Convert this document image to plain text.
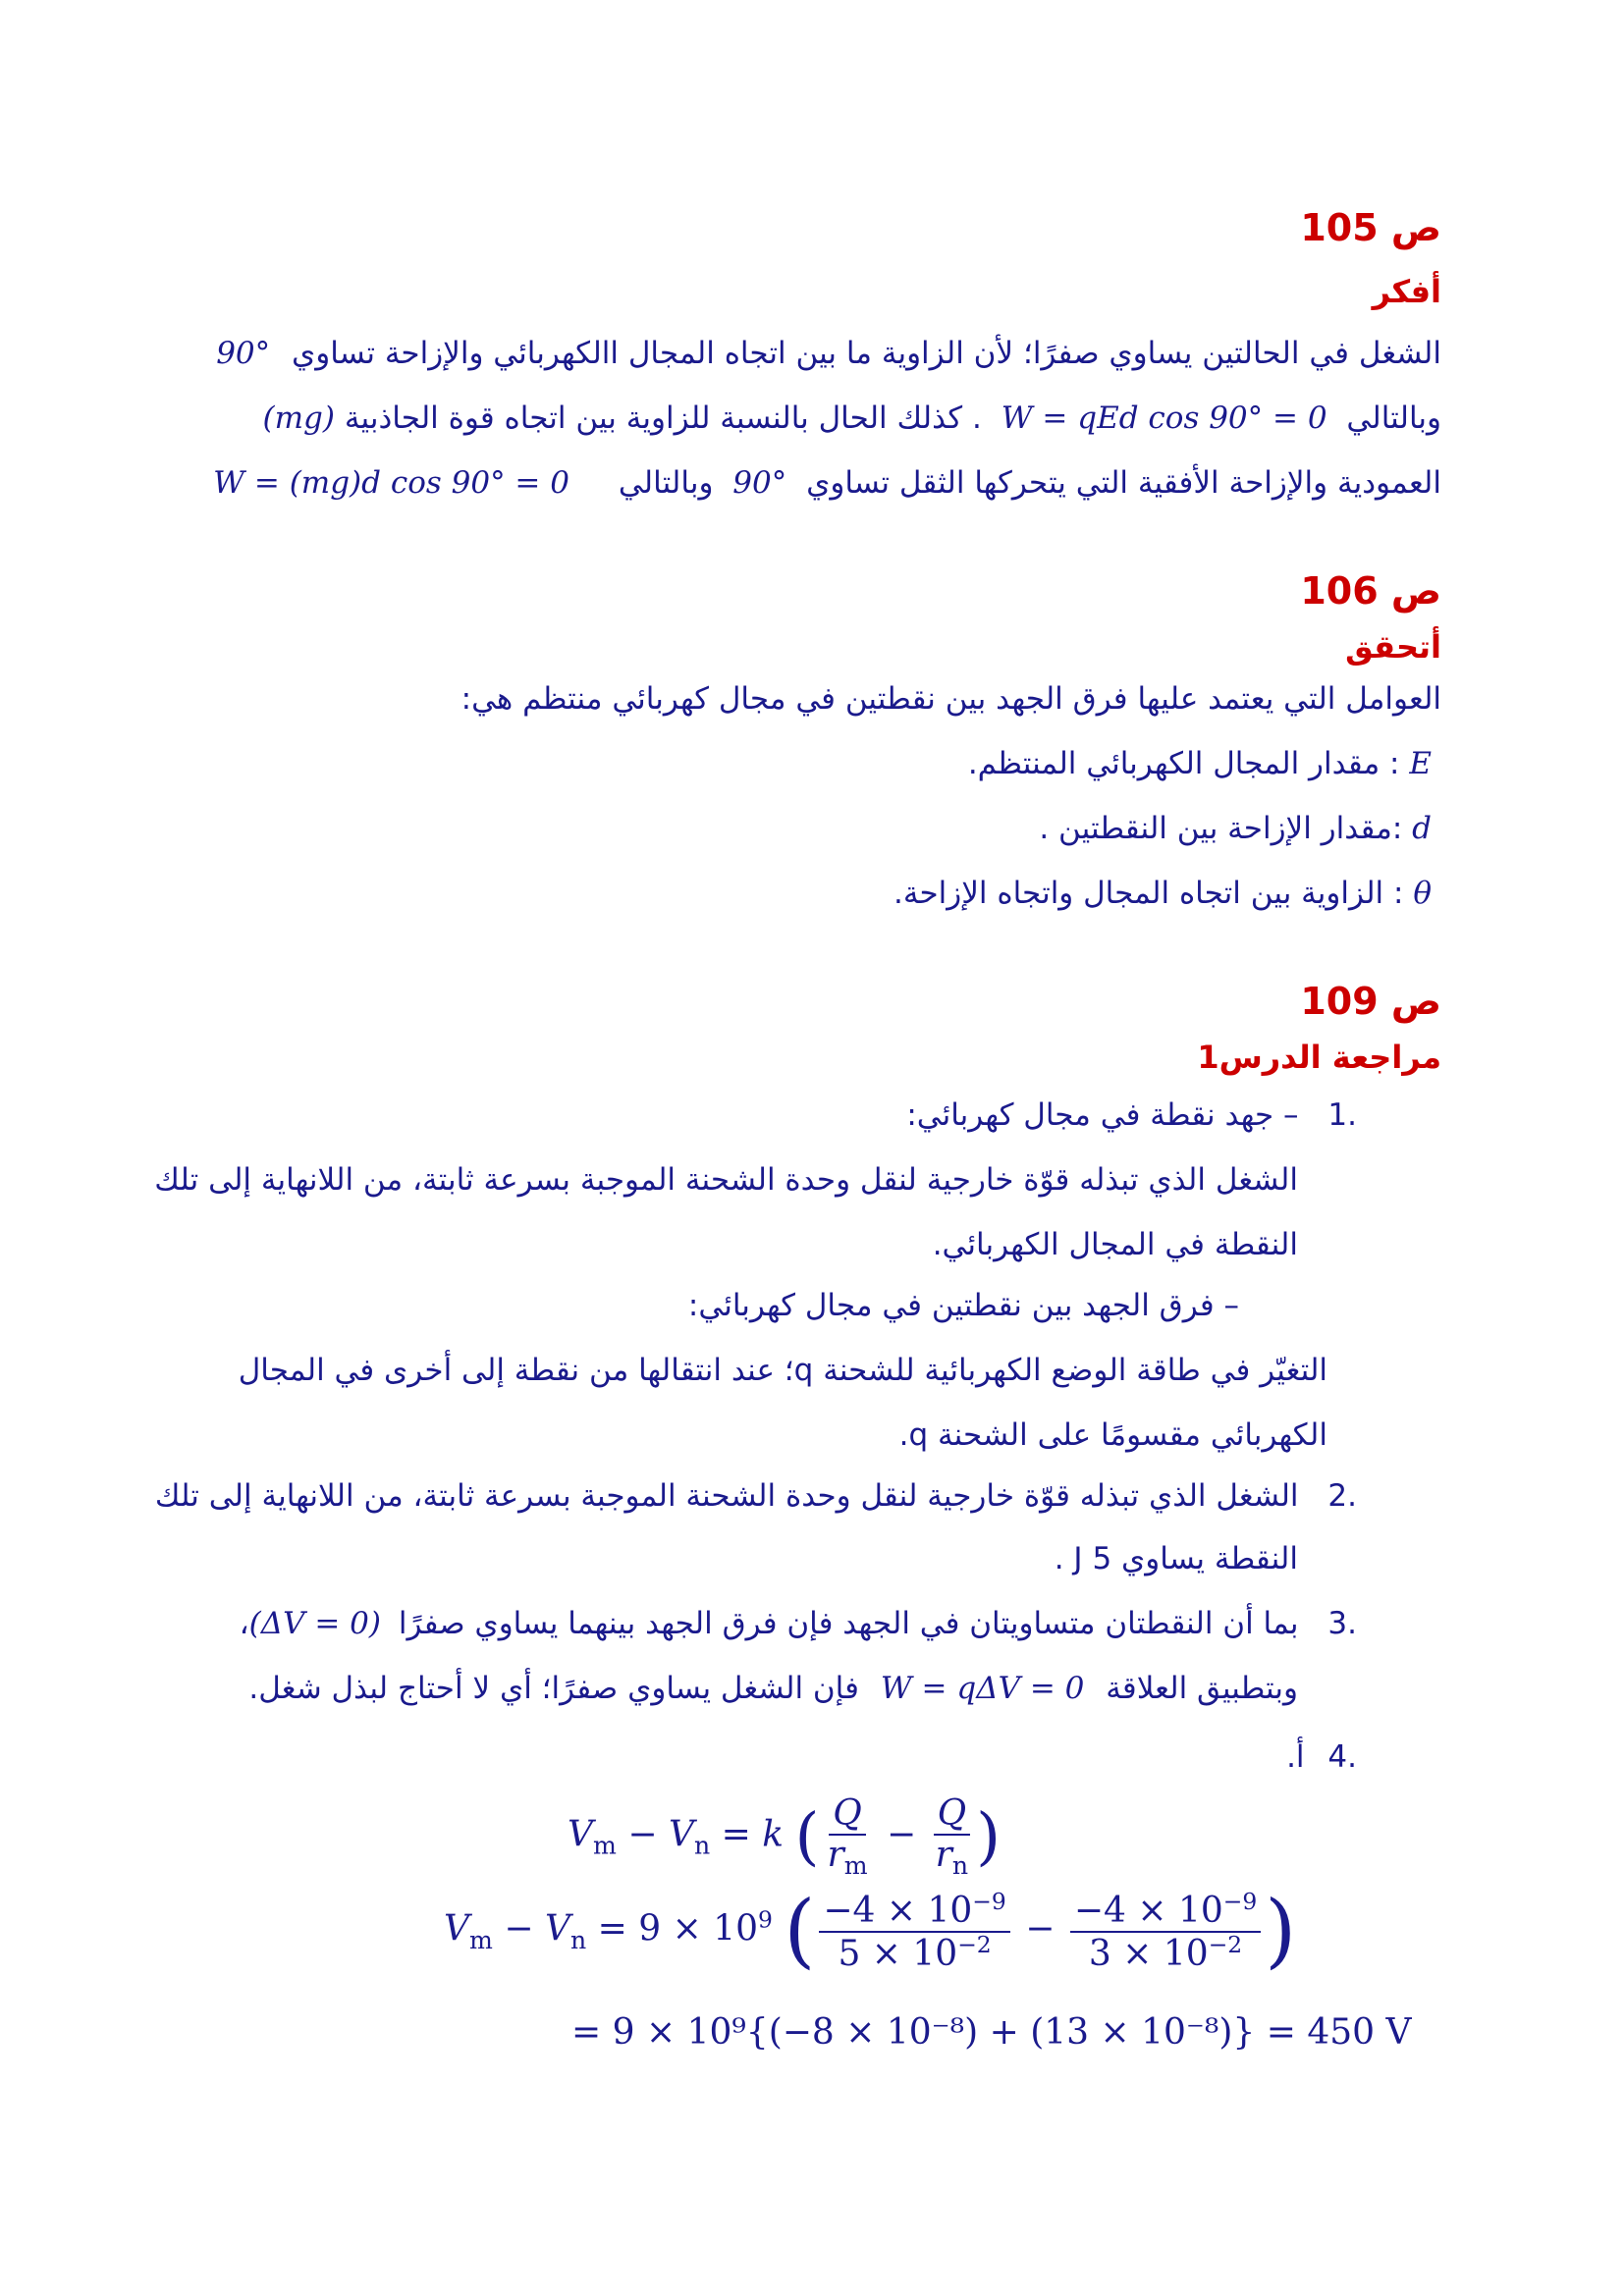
ص 105
أفكر
الشغل في الحالتين يساوي صفرًا؛ لأن الزاوية ما بين اتجاه المجال االكهربائي والإزاحة تساوي 90°
وبالتالي W = qEd cos 90° = 0 . كذلك الحال بالنسبة للزاوية بين اتجاه قوة الجاذبية (mg)
العمودية والإزاحة الأفقية التي يتحركها الثقل تساوي 90° وبالتالي W = (mg)d cos 90° = 0
ص 106
أتحقق
العوامل التي يعتمد عليها فرق الجهد بين نقطتين في مجال كهربائي منتظم هي:
E : مقدار المجال الكهربائي المنتظم.
d :مقدار الإزاحة بين النقطتين .
θ : الزاوية بين اتجاه المجال واتجاه الإزاحة.
ص 109
مراجعة الدرس1
.1 – جهد نقطة في مجال كهربائي:
الشغل الذي تبذله قوّة خارجية لنقل وحدة الشحنة الموجبة بسرعة ثابتة، من اللانهاية إلى تلك
النقطة في المجال الكهربائي.
– فرق الجهد بين نقطتين في مجال كهربائي:
التغيّر في طاقة الوضع الكهربائية للشحنة q؛ عند انتقالها من نقطة إلى أخرى في المجال
الكهربائي مقسومًا على الشحنة q.
.2 الشغل الذي تبذله قوّة خارجية لنقل وحدة الشحنة الموجبة بسرعة ثابتة، من اللانهاية إلى تلك
النقطة يساوي 5 J .
.3 بما أن النقطتان متساويتان في الجهد فإن فرق الجهد بينهما يساوي صفرًا (ΔV = 0)،
وبتطبيق العلاقة W = qΔV = 0 فإن الشغل يساوي صفرًا؛ أي لا أحتاج لبذل شغل.
.4 أ.
$V_m - V_n = k$ ( $\frac{Q}{r_m} - \frac{Q}{r_n}$ )
$V_m - V_n = 9 \times 10^9$ ( $\frac{-4 \times 10^{-9}}{5 \times 10^{-2}} - \frac{-4 \times 10^{-9}}{3 \times 10^{-2}}$ )
= 9 × 10⁹{(−8 × 10⁻⁸) + (13 × 10⁻⁸)} = 450 V
